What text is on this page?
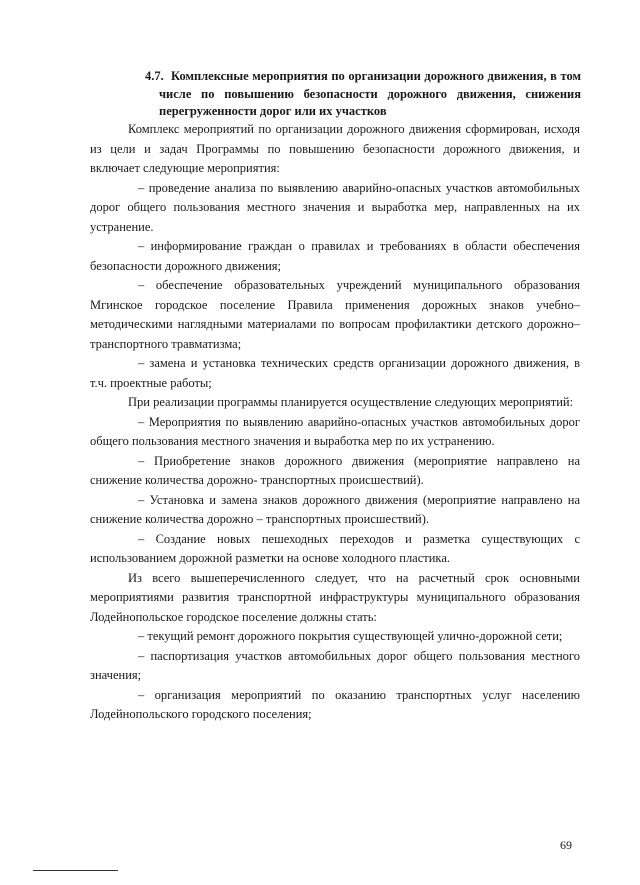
4.7. Комплексные мероприятия по организации дорожного движения, в том
числе по повышению безопасности дорожного движения, снижения
перегруженности дорог или их участков
Комплекс мероприятий по организации дорожного движения сформирован, исходя
из цели и задач Программы по повышению безопасности дорожного движения, и
включает следующие мероприятия:
– проведение анализа по выявлению аварийно-опасных участков автомобильных
дорог общего пользования местного значения и выработка мер, направленных на их
устранение.
– информирование граждан о правилах и требованиях в области обеспечения
безопасности дорожного движения;
– обеспечение образовательных учреждений муниципального образования
Мгинское городское поселение Правила применения дорожных знаков учебно–
методическими наглядными материалами по вопросам профилактики детского дорожно–
транспортного травматизма;
– замена и установка технических средств организации дорожного движения, в
т.ч. проектные работы;
При реализации программы планируется осуществление следующих мероприятий:
– Мероприятия по выявлению аварийно-опасных участков автомобильных дорог
общего пользования местного значения и выработка мер по их устранению.
– Приобретение знаков дорожного движения (мероприятие направлено на
снижение количества дорожно- транспортных происшествий).
– Установка и замена знаков дорожного движения (мероприятие направлено на
снижение количества дорожно – транспортных происшествий).
– Создание новых пешеходных переходов и разметка существующих с
использованием дорожной разметки на основе холодного пластика.
Из всего вышеперечисленного следует, что на расчетный срок основными
мероприятиями развития транспортной инфраструктуры муниципального образования
Лодейнопольское городское поселение должны стать:
– текущий ремонт дорожного покрытия существующей улично-дорожной сети;
– паспортизация участков автомобильных дорог общего пользования местного
значения;
– организация мероприятий по оказанию транспортных услуг населению
Лодейнопольского городского поселения;
69
